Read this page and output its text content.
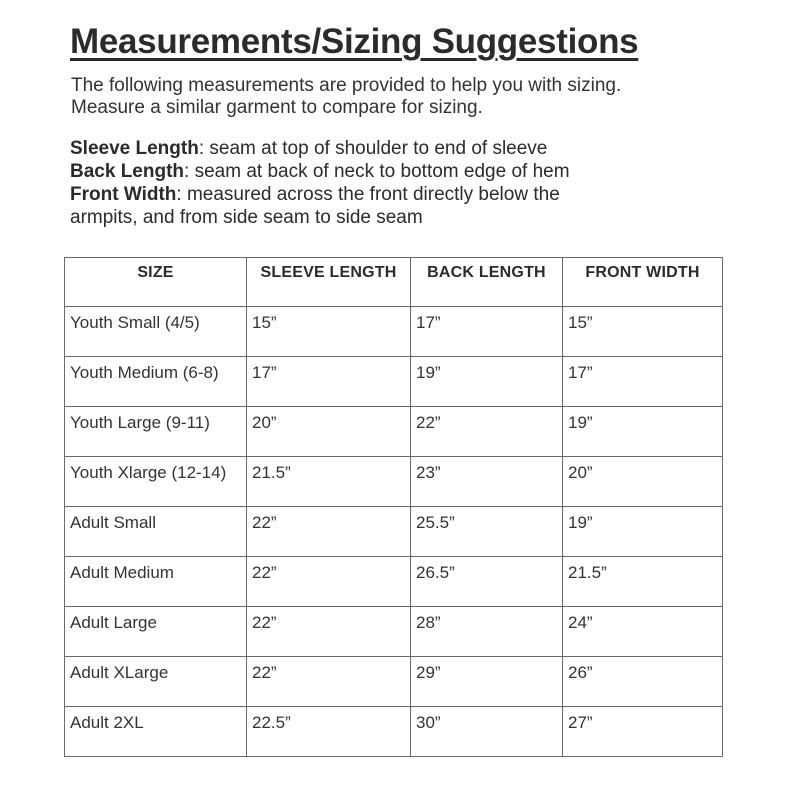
Measurements/Sizing Suggestions
The following measurements are provided to help you with sizing.
Measure a similar garment to compare for sizing.
Sleeve Length: seam at top of shoulder to end of sleeve
Back Length: seam at back of neck to bottom edge of hem
Front Width: measured across the front directly below the
armpits, and from side seam to side seam
SIZE	SLEEVE LENGTH	BACK LENGTH	FRONT WIDTH
Youth Small (4/5)	15”	17”	15”
Youth Medium (6-8)	17”	19”	17”
Youth Large (9-11)	20”	22”	19”
Youth Xlarge (12-14)	21.5”	23”	20”
Adult Small	22”	25.5”	19”
Adult Medium	22”	26.5”	21.5”
Adult Large	22”	28”	24”
Adult XLarge	22”	29”	26”
Adult 2XL	22.5”	30”	27”
